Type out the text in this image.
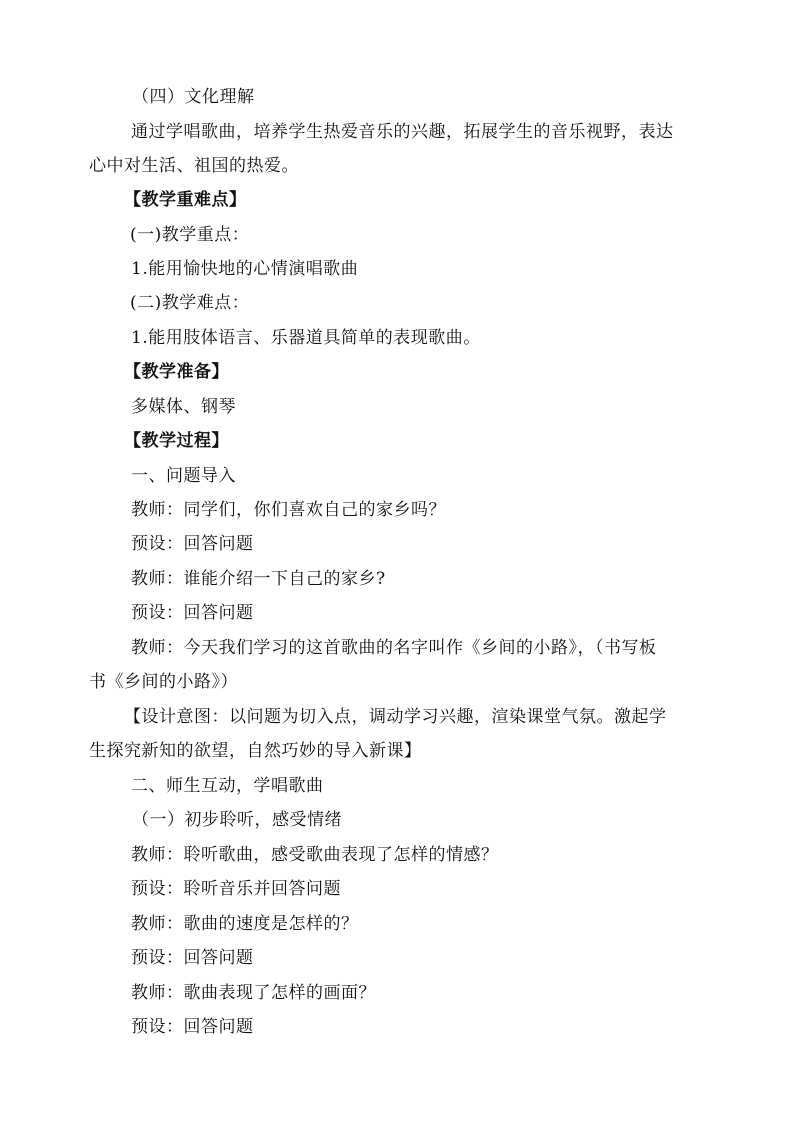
（四）文化理解
通过学唱歌曲，培养学生热爱音乐的兴趣，拓展学生的音乐视野，表达
心中对生活、祖国的热爱。
【教学重难点】
(一)教学重点：
1.能用愉快地的心情演唱歌曲
(二)教学难点：
1.能用肢体语言、乐器道具简单的表现歌曲。
【教学准备】
多媒体、钢琴
【教学过程】
一、问题导入
教师：同学们，你们喜欢自己的家乡吗？
预设：回答问题
教师：谁能介绍一下自己的家乡?
预设：回答问题
教师：今天我们学习的这首歌曲的名字叫作《乡间的小路》，（书写板
书《乡间的小路》）
【设计意图：以问题为切入点，调动学习兴趣，渲染课堂气氛。激起学
生探究新知的欲望，自然巧妙的导入新课】
二、师生互动，学唱歌曲
（一）初步聆听，感受情绪
教师：聆听歌曲，感受歌曲表现了怎样的情感？
预设：聆听音乐并回答问题
教师：歌曲的速度是怎样的？
预设：回答问题
教师：歌曲表现了怎样的画面？
预设：回答问题
